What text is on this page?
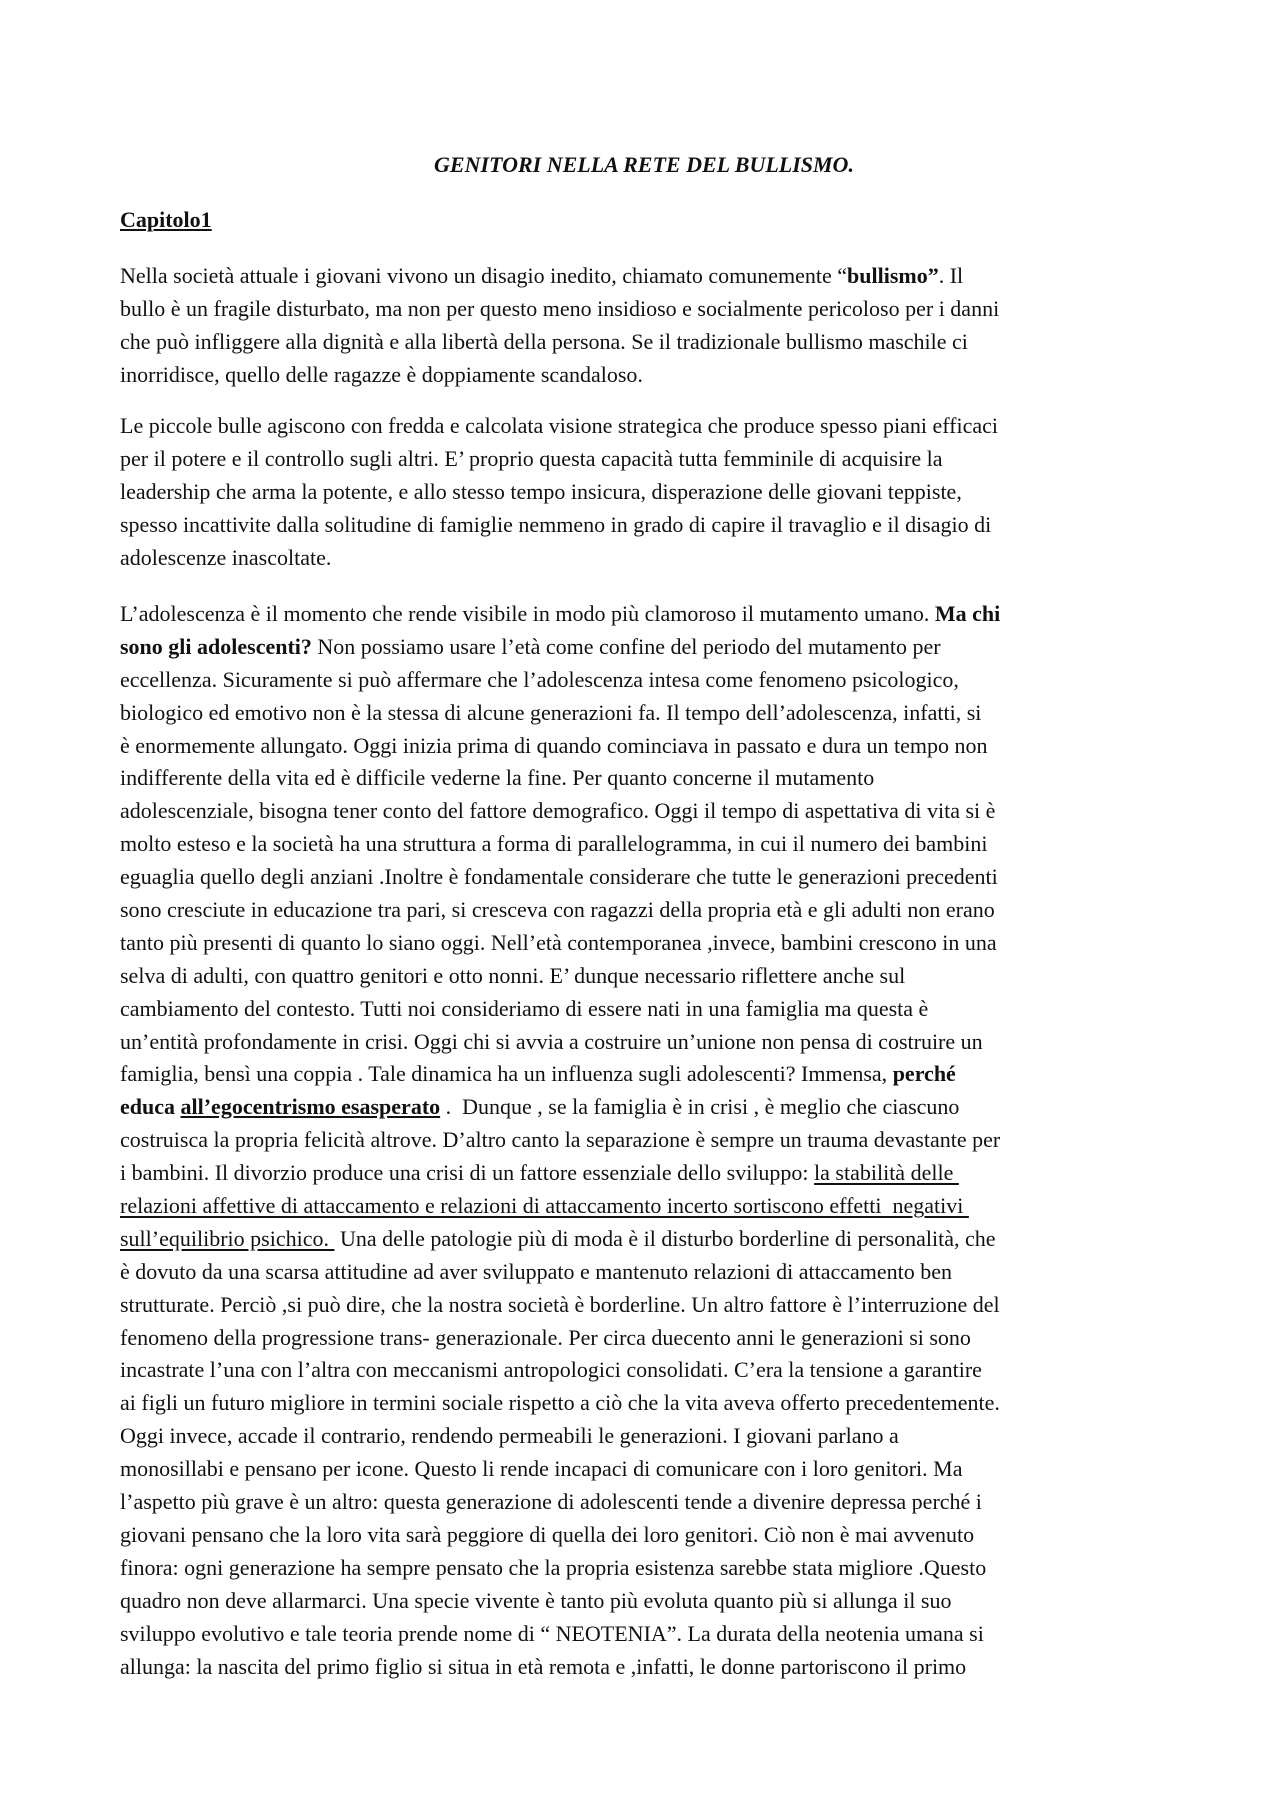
GENITORI NELLA RETE DEL BULLISMO.
Capitolo1
Nella società attuale i giovani vivono un disagio inedito, chiamato comunemente “bullismo”. Il
bullo è un fragile disturbato, ma non per questo meno insidioso e socialmente pericoloso per i danni
che può infliggere alla dignità e alla libertà della persona. Se il tradizionale bullismo maschile ci
inorridisce, quello delle ragazze è doppiamente scandaloso.
Le piccole bulle agiscono con fredda e calcolata visione strategica che produce spesso piani efficaci
per il potere e il controllo sugli altri. E’ proprio questa capacità tutta femminile di acquisire la
leadership che arma la potente, e allo stesso tempo insicura, disperazione delle giovani teppiste,
spesso incattivite dalla solitudine di famiglie nemmeno in grado di capire il travaglio e il disagio di
adolescenze inascoltate.
L’adolescenza è il momento che rende visibile in modo più clamoroso il mutamento umano. Ma chi
sono gli adolescenti? Non possiamo usare l’età come confine del periodo del mutamento per
eccellenza. Sicuramente si può affermare che l’adolescenza intesa come fenomeno psicologico,
biologico ed emotivo non è la stessa di alcune generazioni fa. Il tempo dell’adolescenza, infatti, si
è enormemente allungato. Oggi inizia prima di quando cominciava in passato e dura un tempo non
indifferente della vita ed è difficile vederne la fine. Per quanto concerne il mutamento
adolescenziale, bisogna tener conto del fattore demografico. Oggi il tempo di aspettativa di vita si è
molto esteso e la società ha una struttura a forma di parallelogramma, in cui il numero dei bambini
eguaglia quello degli anziani .Inoltre è fondamentale considerare che tutte le generazioni precedenti
sono cresciute in educazione tra pari, si cresceva con ragazzi della propria età e gli adulti non erano
tanto più presenti di quanto lo siano oggi. Nell’età contemporanea ,invece, bambini crescono in una
selva di adulti, con quattro genitori e otto nonni. E’ dunque necessario riflettere anche sul
cambiamento del contesto. Tutti noi consideriamo di essere nati in una famiglia ma questa è
un’entità profondamente in crisi. Oggi chi si avvia a costruire un’unione non pensa di costruire un
famiglia, bensì una coppia . Tale dinamica ha un influenza sugli adolescenti? Immensa, perché
educa all’egocentrismo esasperato .  Dunque , se la famiglia è in crisi , è meglio che ciascuno
costruisca la propria felicità altrove. D’altro canto la separazione è sempre un trauma devastante per
i bambini. Il divorzio produce una crisi di un fattore essenziale dello sviluppo: la stabilità delle
relazioni affettive di attaccamento e relazioni di attaccamento incerto sortiscono effetti  negativi
sull’equilibrio psichico.  Una delle patologie più di moda è il disturbo borderline di personalità, che
è dovuto da una scarsa attitudine ad aver sviluppato e mantenuto relazioni di attaccamento ben
strutturate. Perciò ,si può dire, che la nostra società è borderline. Un altro fattore è l’interruzione del
fenomeno della progressione trans- generazionale. Per circa duecento anni le generazioni si sono
incastrate l’una con l’altra con meccanismi antropologici consolidati. C’era la tensione a garantire
ai figli un futuro migliore in termini sociale rispetto a ciò che la vita aveva offerto precedentemente.
Oggi invece, accade il contrario, rendendo permeabili le generazioni. I giovani parlano a
monosillabi e pensano per icone. Questo li rende incapaci di comunicare con i loro genitori. Ma
l’aspetto più grave è un altro: questa generazione di adolescenti tende a divenire depressa perché i
giovani pensano che la loro vita sarà peggiore di quella dei loro genitori. Ciò non è mai avvenuto
finora: ogni generazione ha sempre pensato che la propria esistenza sarebbe stata migliore .Questo
quadro non deve allarmarci. Una specie vivente è tanto più evoluta quanto più si allunga il suo
sviluppo evolutivo e tale teoria prende nome di “ NEOTENIA”. La durata della neotenia umana si
allunga: la nascita del primo figlio si situa in età remota e ,infatti, le donne partoriscono il primo
